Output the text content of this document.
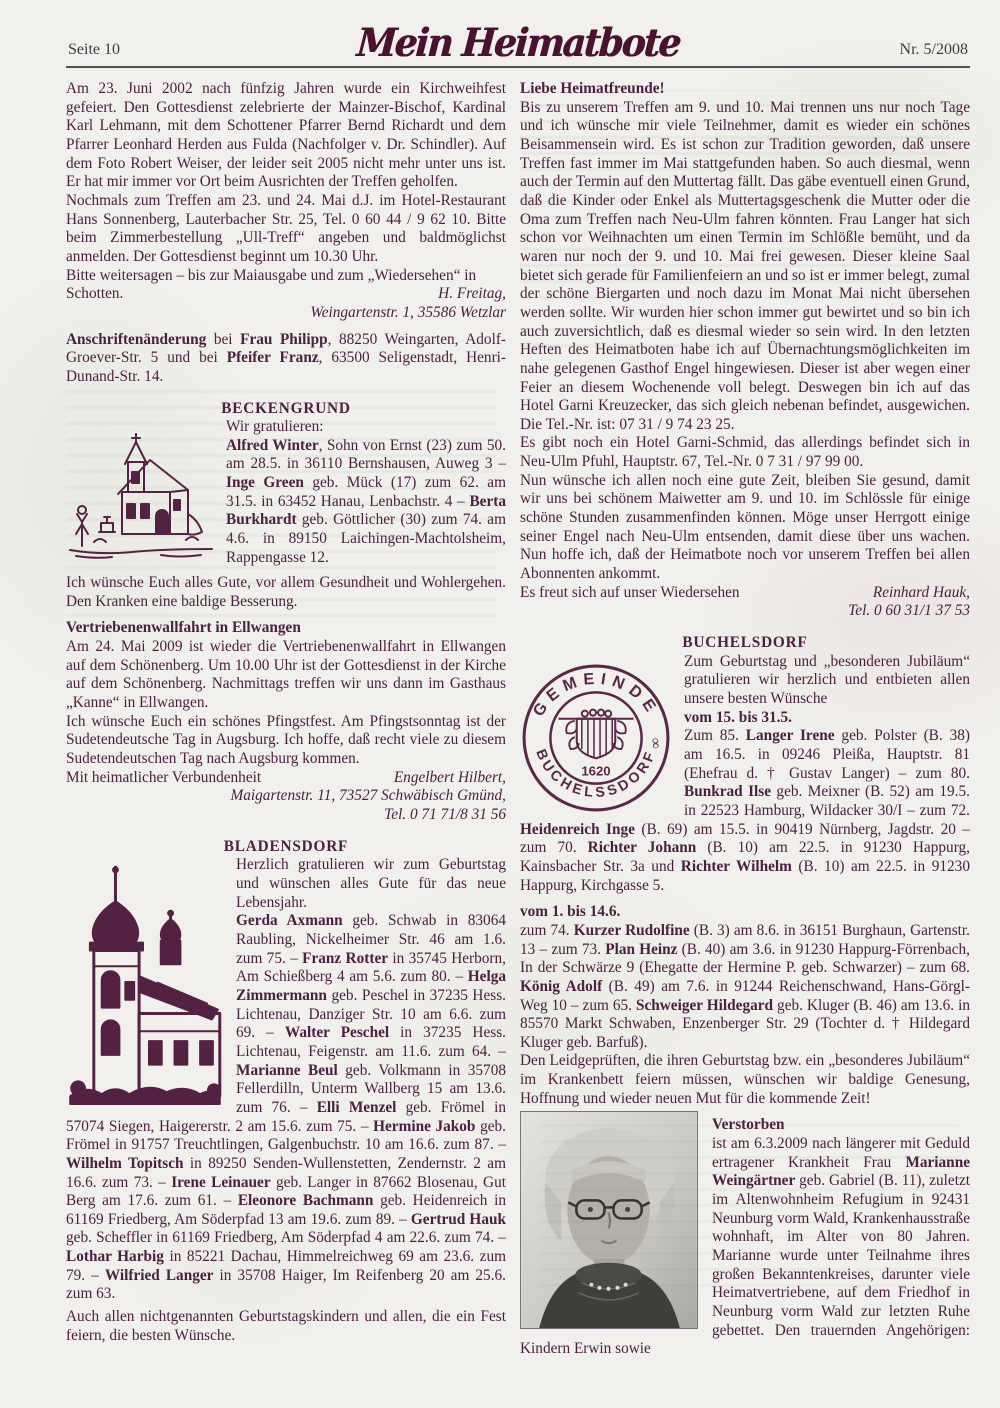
Seite 10	Mein Heimatbote	Nr. 5/2008

Am 23. Juni 2002 nach fünfzig Jahren wurde ein Kirchweihfest gefeiert. Den Gottesdienst zelebrierte der Mainzer-Bischof, Kardinal Karl Lehmann, mit dem Schottener Pfarrer Bernd Richardt und dem Pfarrer Leonhard Herden aus Fulda (Nachfolger v. Dr. Schindler). Auf dem Foto Robert Weiser, der leider seit 2005 nicht mehr unter uns ist. Er hat mir immer vor Ort beim Ausrichten der Treffen geholfen.

Nochmals zum Treffen am 23. und 24. Mai d.J. im Hotel-Restaurant Hans Sonnenberg, Lauterbacher Str. 25, Tel. 0 60 44 / 9 62 10. Bitte beim Zimmerbestellung „Ull-Treff“ angeben und baldmöglichst anmelden. Der Gottesdienst beginnt um 10.30 Uhr.

Bitte weitersagen – bis zur Maiausgabe und zum „Wiedersehen“ in

Schotten.	H. Freitag,
Weingartenstr. 1, 35586 Wetzlar

Anschriftenänderung bei Frau Philipp, 88250 Weingarten, Adolf-Groever-Str. 5 und bei Pfeifer Franz, 63500 Seligenstadt, Henri-Dunand-Str. 14.

BECKENGRUND

Wir gratulieren:

Alfred Winter, Sohn von Ernst (23) zum 50. am 28.5. in 36110 Bernshausen, Auweg 3 – Inge Green geb. Mück (17) zum 62. am 31.5. in 63452 Hanau, Lenbachstr. 4 – Berta Burkhardt geb. Göttlicher (30) zum 74. am 4.6. in 89150 Laichingen-Machtolsheim, Rappengasse 12.

Ich wünsche Euch alles Gute, vor allem Gesundheit und Wohlergehen. Den Kranken eine baldige Besserung.

Vertriebenenwallfahrt in Ellwangen

Am 24. Mai 2009 ist wieder die Vertriebenenwallfahrt in Ellwangen auf dem Schönenberg. Um 10.00 Uhr ist der Gottesdienst in der Kirche auf dem Schönenberg. Nachmittags treffen wir uns dann im Gasthaus „Kanne“ in Ellwangen.

Ich wünsche Euch ein schönes Pfingstfest. Am Pfingstsonntag ist der Sudetendeutsche Tag in Augsburg. Ich hoffe, daß recht viele zu diesem Sudetendeutschen Tag nach Augsburg kommen.

Mit heimatlicher Verbundenheit	Engelbert Hilbert,
Maigartenstr. 11, 73527 Schwäbisch Gmünd,
Tel. 0 71 71/8 31 56
BLADENSDORF

Herzlich gratulieren wir zum Geburtstag und wünschen alles Gute für das neue Lebensjahr.

Gerda Axmann geb. Schwab in 83064 Raubling, Nickelheimer Str. 46 am 1.6. zum 75. – Franz Rotter in 35745 Herborn, Am Schießberg 4 am 5.6. zum 80. – Helga Zimmermann geb. Peschel in 37235 Hess. Lichtenau, Danziger Str. 10 am 6.6. zum 69. – Walter Peschel in 37235 Hess. Lichtenau, Feigenstr. am 11.6. zum 64. – Marianne Beul geb. Volkmann in 35708 Fellerdilln, Unterm Wallberg 15 am 13.6. zum 76. – Elli Menzel geb. Frömel in 57074 Siegen, Haigererstr. 2 am 15.6. zum 75. – Hermine Jakob geb. Frömel in 91757 Treuchtlingen, Galgenbuchstr. 10 am 16.6. zum 87. – Wilhelm Topitsch in 89250 Senden-Wullenstetten, Zendernstr. 2 am 16.6. zum 73. – Irene Leinauer geb. Langer in 87662 Blosenau, Gut Berg am 17.6. zum 61. – Eleonore Bachmann geb. Heidenreich in 61169 Friedberg, Am Söderpfad 13 am 19.6. zum 89. – Gertrud Hauk geb. Scheffler in 61169 Friedberg, Am Söderpfad 4 am 22.6. zum 74. – Lothar Harbig in 85221 Dachau, Himmelreichweg 69 am 23.6. zum 79. – Wilfried Langer in 35708 Haiger, Im Reifenberg 20 am 25.6. zum 63.

Auch allen nichtgenannten Geburtstagskindern und allen, die ein Fest feiern, die besten Wünsche.

Liebe Heimatfreunde!

Bis zu unserem Treffen am 9. und 10. Mai trennen uns nur noch Tage und ich wünsche mir viele Teilnehmer, damit es wieder ein schönes Beisammensein wird. Es ist schon zur Tradition geworden, daß unsere Treffen fast immer im Mai stattgefunden haben. So auch diesmal, wenn auch der Termin auf den Muttertag fällt. Das gäbe eventuell einen Grund, daß die Kinder oder Enkel als Muttertagsgeschenk die Mutter oder die Oma zum Treffen nach Neu-Ulm fahren könnten. Frau Langer hat sich schon vor Weihnachten um einen Termin im Schlößle bemüht, und da waren nur noch der 9. und 10. Mai frei gewesen. Dieser kleine Saal bietet sich gerade für Familienfeiern an und so ist er immer belegt, zumal der schöne Biergarten und noch dazu im Monat Mai nicht übersehen werden sollte. Wir wurden hier schon immer gut bewirtet und so bin ich auch zuversichtlich, daß es diesmal wieder so sein wird. In den letzten Heften des Heimatboten habe ich auf Übernachtungsmöglichkeiten im nahe gelegenen Gasthof Engel hingewiesen. Dieser ist aber wegen einer Feier an diesem Wochenende voll belegt. Deswegen bin ich auf das Hotel Garni Kreuzecker, das sich gleich nebenan befindet, ausgewichen. Die Tel.-Nr. ist: 07 31 / 9 74 23 25.

Es gibt noch ein Hotel Garni-Schmid, das allerdings befindet sich in Neu-Ulm Pfuhl, Hauptstr. 67, Tel.-Nr. 0 7 31 / 97 99 00.

Nun wünsche ich allen noch eine gute Zeit, bleiben Sie gesund, damit wir uns bei schönem Maiwetter am 9. und 10. im Schlössle für einige schöne Stunden zusammenfinden können. Möge unser Herrgott einige seiner Engel nach Neu-Ulm entsenden, damit diese über uns wachen. Nun hoffe ich, daß der Heimatbote noch vor unserem Treffen bei allen Abonnenten ankommt.

Es freut sich auf unser Wiedersehen	Reinhard Hauk,
Tel. 0 60 31/1 37 53
BUCHELSDORF
GEMEINDE
BUCHELSSDORF
∞
1620

Zum Geburtstag und „besonderen Jubiläum“ gratulieren wir herzlich und entbieten allen unsere besten Wünsche

vom 15. bis 31.5.

Zum 85. Langer Irene geb. Polster (B. 38) am 16.5. in 09246 Pleißa, Hauptstr. 81 (Ehefrau d. † Gustav Langer) – zum 80. Bunkrad Ilse geb. Meixner (B. 52) am 19.5. in 22523 Hamburg, Wildacker 30/I – zum 72. Heidenreich Inge (B. 69) am 15.5. in 90419 Nürnberg, Jagdstr. 20 – zum 70. Richter Johann (B. 10) am 22.5. in 91230 Happurg, Kainsbacher Str. 3a und Richter Wilhelm (B. 10) am 22.5. in 91230 Happurg, Kirchgasse 5.

vom 1. bis 14.6.

zum 74. Kurzer Rudolfine (B. 3) am 8.6. in 36151 Burghaun, Gartenstr. 13 – zum 73. Plan Heinz (B. 40) am 3.6. in 91230 Happurg-Förrenbach, In der Schwärze 9 (Ehegatte der Hermine P. geb. Schwarzer) – zum 68. König Adolf (B. 49) am 7.6. in 91244 Reichenschwand, Hans-Görgl-Weg 10 – zum 65. Schweiger Hildegard geb. Kluger (B. 46) am 13.6. in 85570 Markt Schwaben, Enzenberger Str. 29 (Tochter d. † Hildegard Kluger geb. Barfuß).

Den Leidgeprüften, die ihren Geburtstag bzw. ein „besonderes Jubiläum“ im Krankenbett feiern müssen, wünschen wir baldige Genesung, Hoffnung und wieder neuen Mut für die kommende Zeit!

Verstorben

ist am 6.3.2009 nach längerer mit Geduld ertragener Krankheit Frau Marianne Weingärtner geb. Gabriel (B. 11), zuletzt im Altenwohnheim Refugium in 92431 Neunburg vorm Wald, Krankenhausstraße wohnhaft, im Alter von 80 Jahren. Marianne wurde unter Teilnahme ihres großen Bekanntenkreises, darunter viele Heimatvertriebene, auf dem Friedhof in Neunburg vorm Wald zur letzten Ruhe gebettet. Den trauernden Angehörigen: Kindern Erwin sowie
